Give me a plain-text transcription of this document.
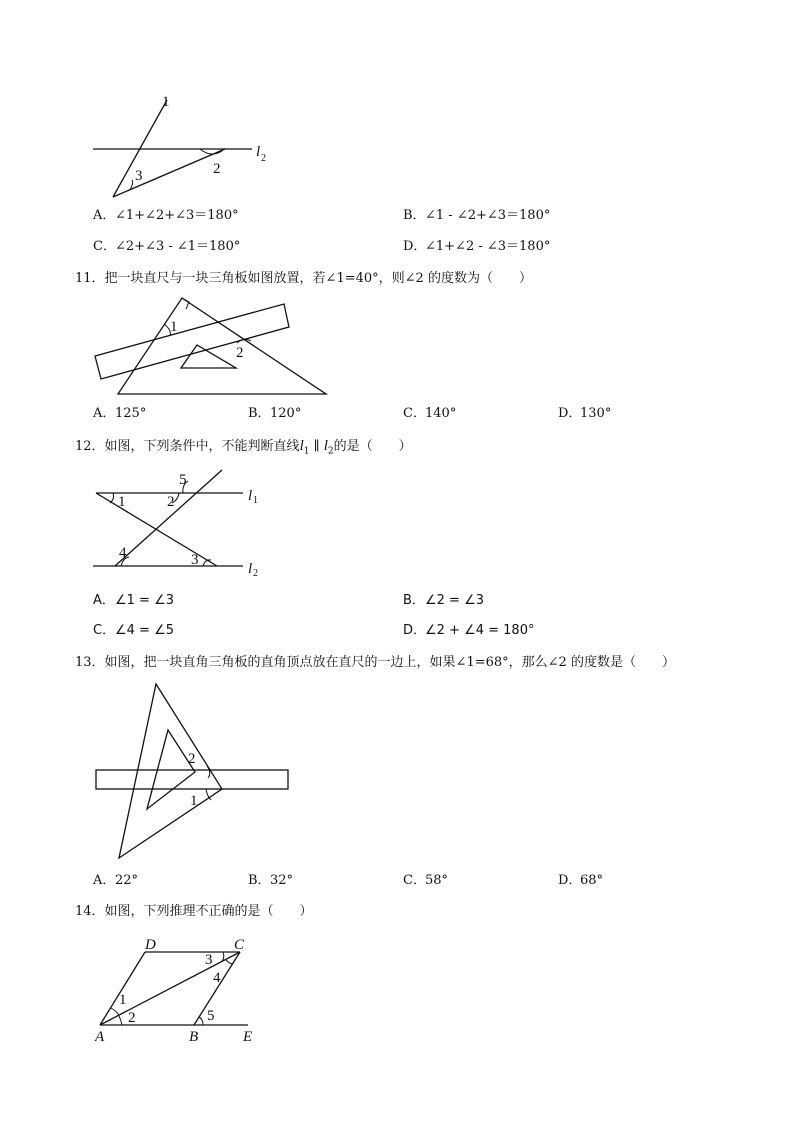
1
3	2
l 2
A．∠1+∠2+∠3＝180°	B．∠1 - ∠2+∠3＝180°
C．∠2+∠3 - ∠1＝180°	D．∠1+∠2 - ∠3＝180°
11．把一块直尺与一块三角板如图放置，若∠1=40°，则∠2 的度数为（　　）
1
2
A．125°	B．120°	C．140°	D．130°
12．如图，下列条件中，不能判断直线$l_1$ ∥ $l_2$的是（　　）
1	2
5
4	3
l 1
l 2
A．∠1 = ∠3	B．∠2 = ∠3
C．∠4 = ∠5	D．∠2 + ∠4 = 180°
13．如图，把一块直角三角板的直角顶点放在直尺的一边上，如果∠1=68°，那么∠2 的度数是（　　）
2
1
A．22°	B．32°	C．58°	D．68°
14．如图，下列推理不正确的是（　　）
D	C
A	B	E
1
2
3
4
5
